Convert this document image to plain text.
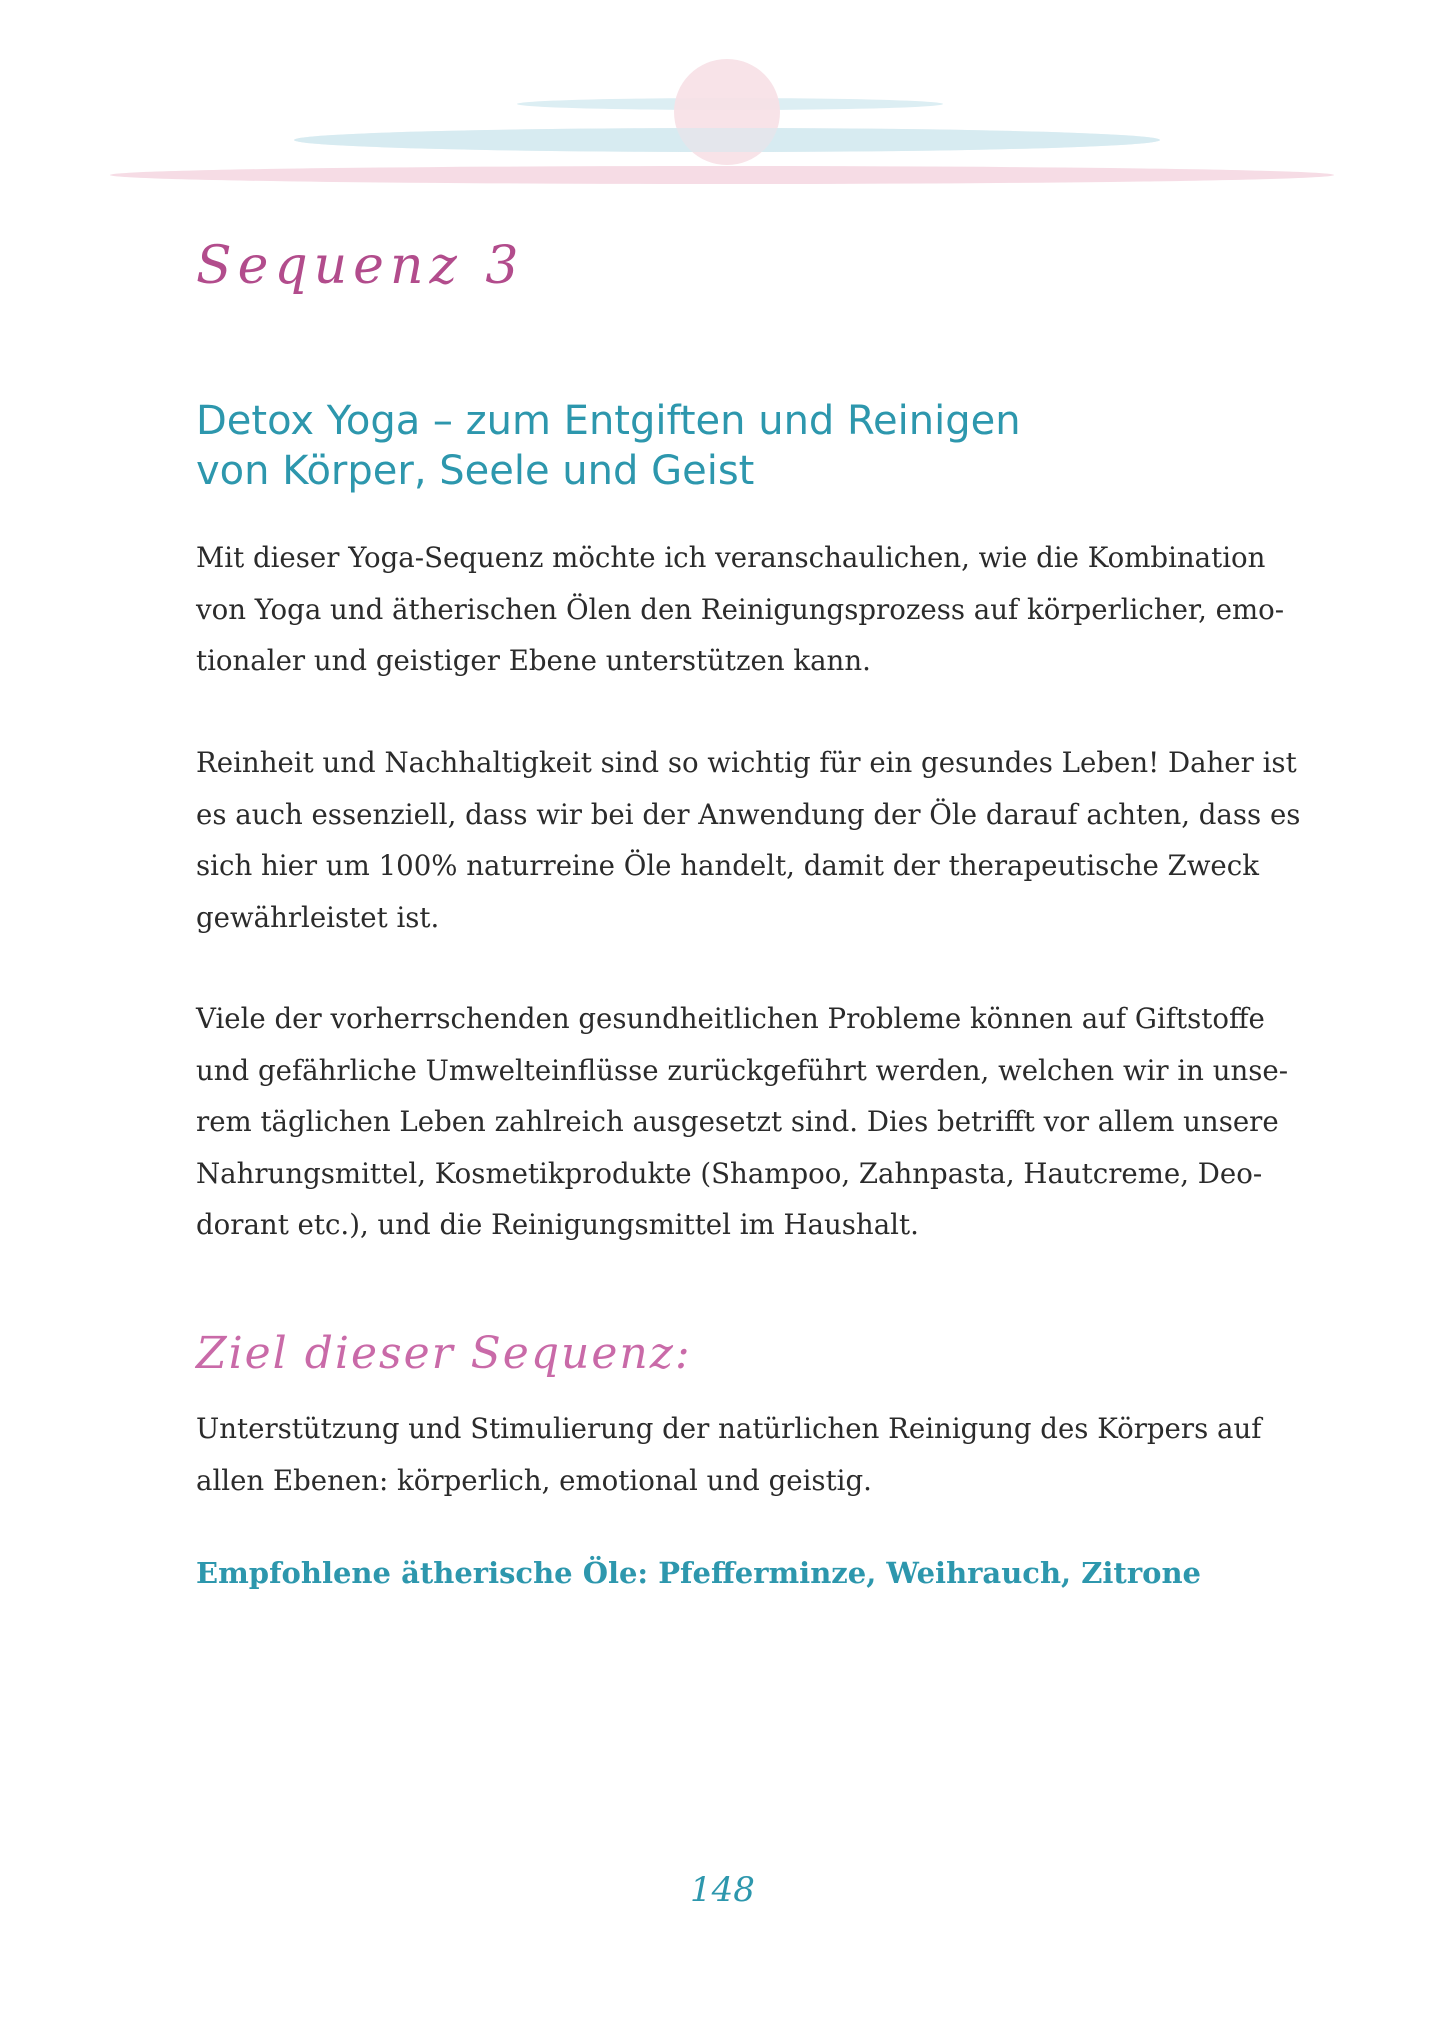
Sequenz 3
Detox Yoga – zum Entgiften und Reinigen
von Körper, Seele und Geist
Mit dieser Yoga-Sequenz möchte ich veranschaulichen, wie die Kombination
von Yoga und ätherischen Ölen den Reinigungsprozess auf körperlicher, emo-
tionaler und geistiger Ebene unterstützen kann.
Reinheit und Nachhaltigkeit sind so wichtig für ein gesundes Leben! Daher ist
es auch essenziell, dass wir bei der Anwendung der Öle darauf achten, dass es
sich hier um 100% naturreine Öle handelt, damit der therapeutische Zweck
gewährleistet ist.
Viele der vorherrschenden gesundheitlichen Probleme können auf Giftstoffe
und gefährliche Umwelteinflüsse zurückgeführt werden, welchen wir in unse-
rem täglichen Leben zahlreich ausgesetzt sind. Dies betrifft vor allem unsere
Nahrungsmittel, Kosmetikprodukte (Shampoo, Zahnpasta, Hautcreme, Deo-
dorant etc.), und die Reinigungsmittel im Haushalt.
Ziel dieser Sequenz:
Unterstützung und Stimulierung der natürlichen Reinigung des Körpers auf
allen Ebenen: körperlich, emotional und geistig.

Empfohlene ätherische Öle: Pfefferminze, Weihrauch, Zitrone

148
